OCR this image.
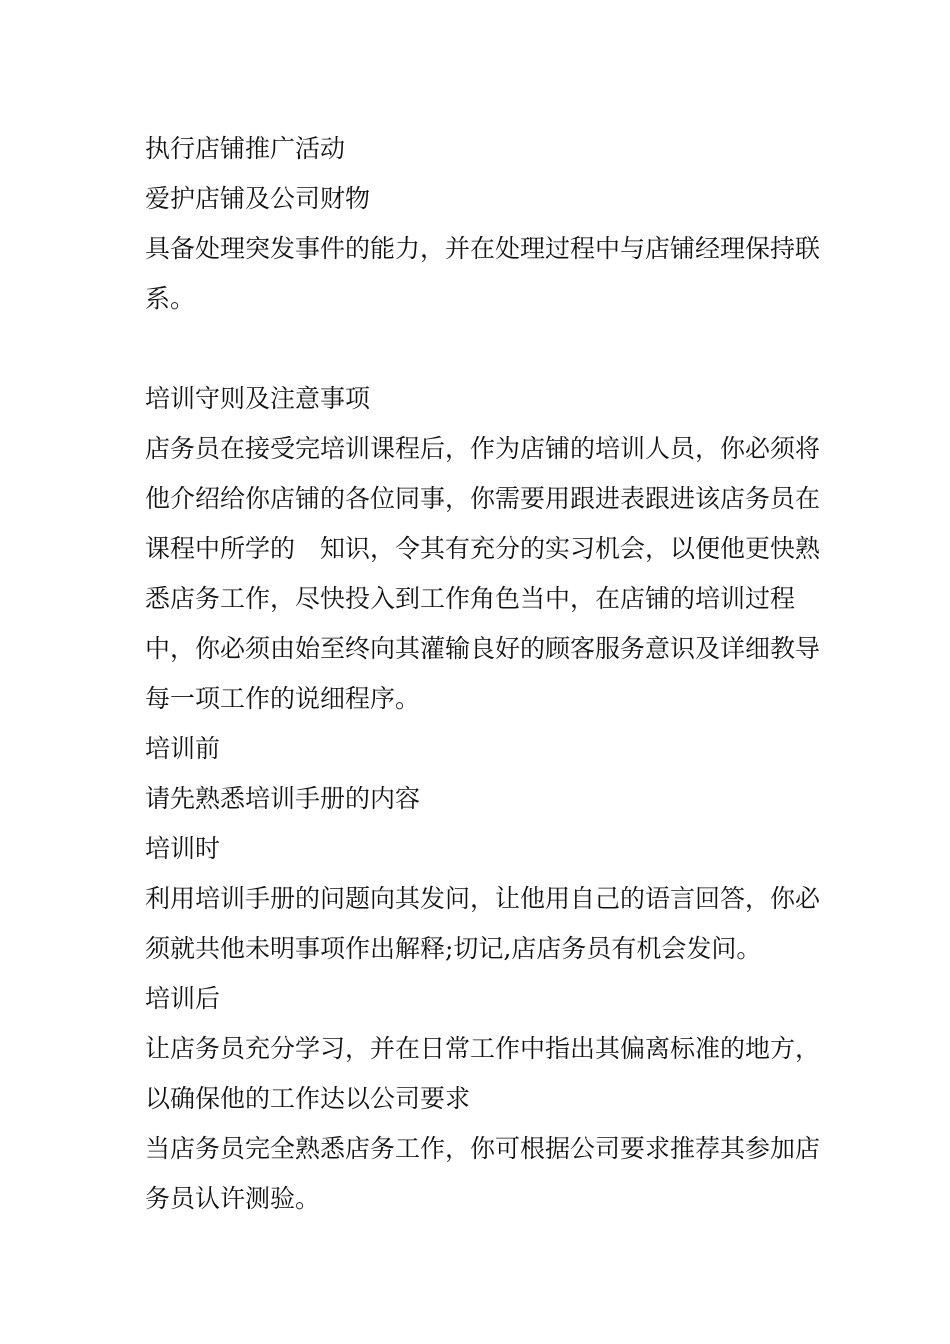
执行店铺推广活动

爱护店铺及公司财物

具备处理突发事件的能力，并在处理过程中与店铺经理保持联系。

培训守则及注意事项

店务员在接受完培训课程后，作为店铺的培训人员，你必须将他介绍给你店铺的各位同事，你需要用跟进表跟进该店务员在课程中所学的　知识，令其有充分的实习机会，以便他更快熟悉店务工作，尽快投入到工作角色当中，在店铺的培训过程中，你必须由始至终向其灌输良好的顾客服务意识及详细教导每一项工作的说细程序。

培训前

请先熟悉培训手册的内容

培训时

利用培训手册的问题向其发问，让他用自己的语言回答，你必须就共他未明事项作出解释;切记,店店务员有机会发问。

培训后

让店务员充分学习，并在日常工作中指出其偏离标准的地方，以确保他的工作达以公司要求

当店务员完全熟悉店务工作，你可根据公司要求推荐其参加店务员认许测验。
